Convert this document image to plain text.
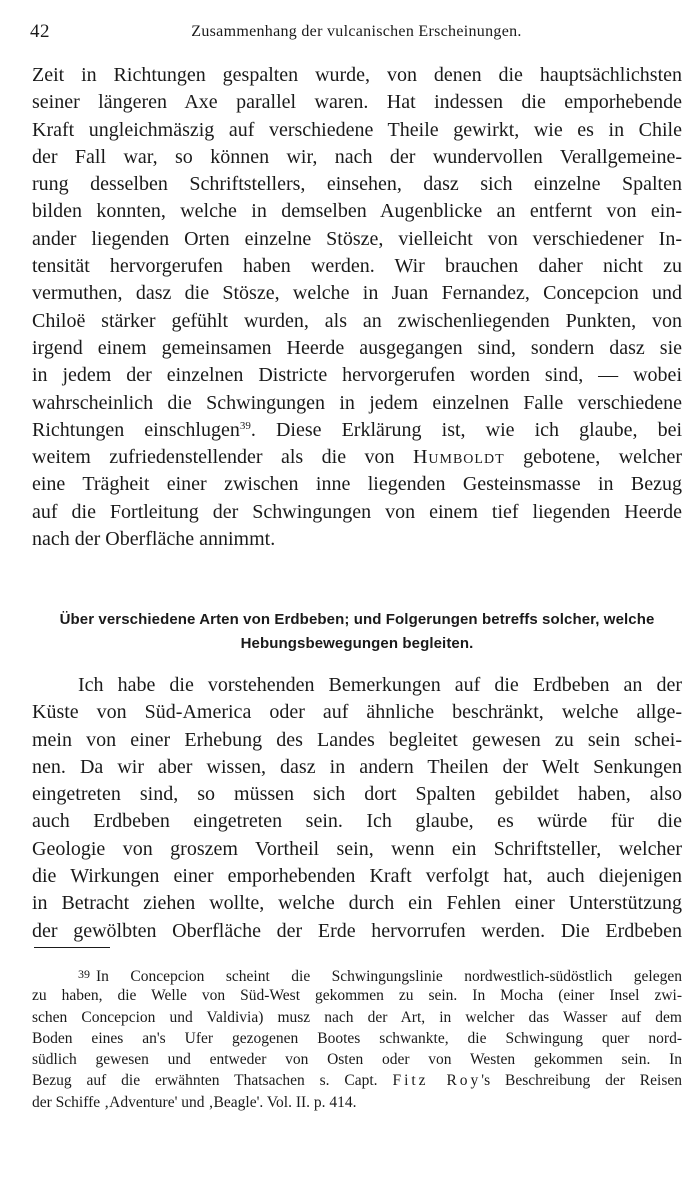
42	Zusammenhang der vulcanischen Erscheinungen.
Zeit in Richtungen gespalten wurde, von denen die hauptsächlichsten
seiner längeren Axe parallel waren. Hat indessen die emporhebende
Kraft ungleichmäszig auf verschiedene Theile gewirkt, wie es in Chile
der Fall war, so können wir, nach der wundervollen Verallgemeine-
rung desselben Schriftstellers, einsehen, dasz sich einzelne Spalten
bilden konnten, welche in demselben Augenblicke an entfernt von ein-
ander liegenden Orten einzelne Stösze, vielleicht von verschiedener In-
tensität hervorgerufen haben werden. Wir brauchen daher nicht zu
vermuthen, dasz die Stösze, welche in Juan Fernandez, Concepcion und
Chiloë stärker gefühlt wurden, als an zwischenliegenden Punkten, von
irgend einem gemeinsamen Heerde ausgegangen sind, sondern dasz sie
in jedem der einzelnen Districte hervorgerufen worden sind, — wobei
wahrscheinlich die Schwingungen in jedem einzelnen Falle verschiedene
Richtungen einschlugen$^{39}$. Diese Erklärung ist, wie ich glaube, bei
weitem zufriedenstellender als die von Humboldt gebotene, welcher
eine Trägheit einer zwischen inne liegenden Gesteinsmasse in Bezug
auf die Fortleitung der Schwingungen von einem tief liegenden Heerde
nach der Oberfläche annimmt.
Über verschiedene Arten von Erdbeben; und Folgerungen betreffs solcher, welche
Hebungsbewegungen begleiten.
Ich habe die vorstehenden Bemerkungen auf die Erdbeben an der
Küste von Süd-America oder auf ähnliche beschränkt, welche allge-
mein von einer Erhebung des Landes begleitet gewesen zu sein schei-
nen. Da wir aber wissen, dasz in andern Theilen der Welt Senkungen
eingetreten sind, so müssen sich dort Spalten gebildet haben, also
auch Erdbeben eingetreten sein. Ich glaube, es würde für die
Geologie von groszem Vortheil sein, wenn ein Schriftsteller, welcher
die Wirkungen einer emporhebenden Kraft verfolgt hat, auch diejenigen
in Betracht ziehen wollte, welche durch ein Fehlen einer Unterstützung
der gewölbten Oberfläche der Erde hervorrufen werden. Die Erdbeben
39 In Concepcion scheint die Schwingungslinie nordwestlich-südöstlich gelegen
zu haben, die Welle von Süd-West gekommen zu sein. In Mocha (einer Insel zwi-
schen Concepcion und Valdivia) musz nach der Art, in welcher das Wasser auf dem
Boden eines an's Ufer gezogenen Bootes schwankte, die Schwingung quer nord-
südlich gewesen und entweder von Osten oder von Westen gekommen sein. In
Bezug auf die erwähnten Thatsachen s. Capt. Fitz Roy's Beschreibung der Reisen
der Schiffe ‚Adventure' und ‚Beagle'. Vol. II. p. 414.
